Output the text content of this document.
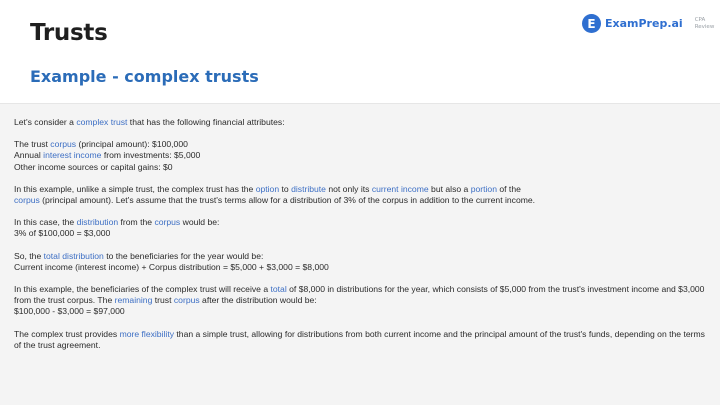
Trusts	E ExamPrep.ai CPA
Review
Example - complex trusts

Let's consider a complex trust that has the following financial attributes:

The trust corpus (principal amount): $100,000
Annual interest income from investments: $5,000
Other income sources or capital gains: $0

In this example, unlike a simple trust, the complex trust has the option to distribute not only its current income but also a portion of the
corpus (principal amount). Let's assume that the trust's terms allow for a distribution of 3% of the corpus in addition to the current income.

In this case, the distribution from the corpus would be:
3% of $100,000 = $3,000

So, the total distribution to the beneficiaries for the year would be:
Current income (interest income) + Corpus distribution = $5,000 + $3,000 = $8,000

In this example, the beneficiaries of the complex trust will receive a total of $8,000 in distributions for the year, which consists of $5,000 from the trust's investment income and $3,000 from the trust corpus. The remaining trust corpus after the distribution would be:
$100,000 - $3,000 = $97,000

The complex trust provides more flexibility than a simple trust, allowing for distributions from both current income and the principal amount of the trust's funds, depending on the terms of the trust agreement.
